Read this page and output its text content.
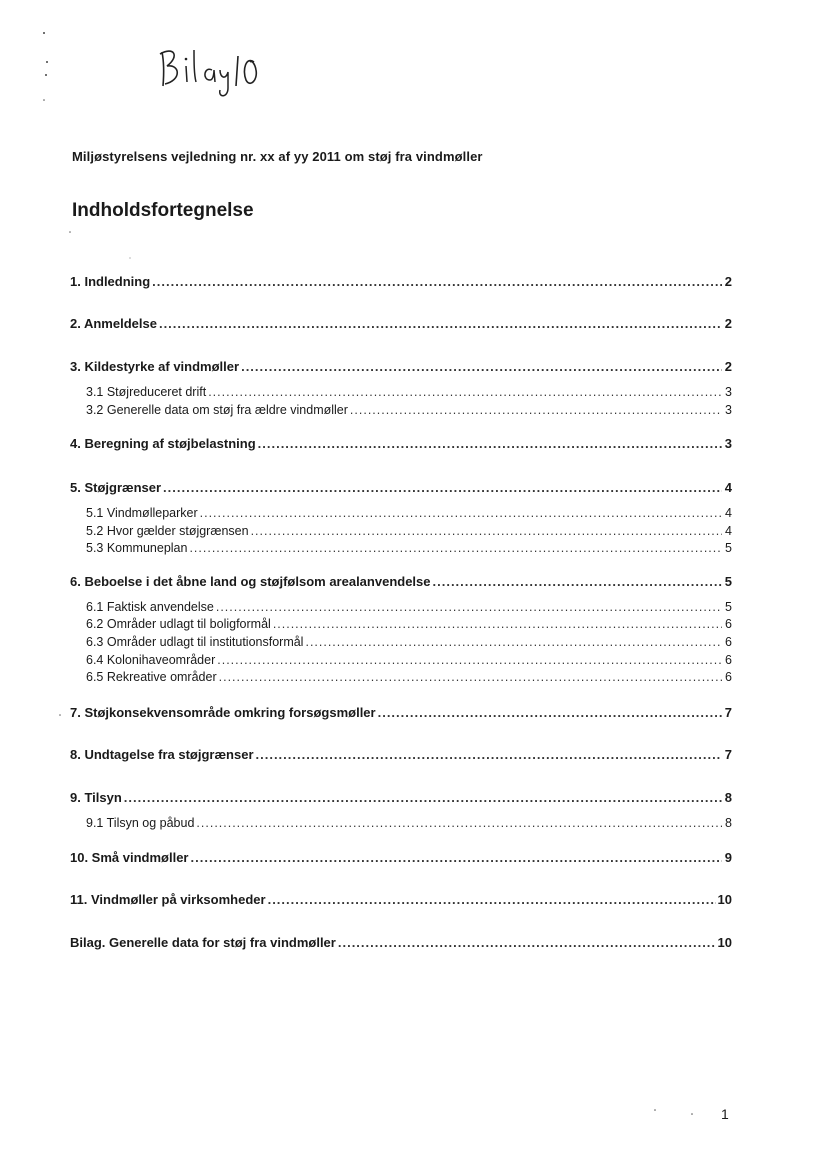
Miljøstyrelsens vejledning nr. xx af yy 2011 om støj fra vindmøller
Indholdsfortegnelse
1. Indledning .....	2
2. Anmeldelse .....	2
3. Kildestyrke af vindmøller .....	2
3.1 Støjreduceret drift .....	3
3.2 Generelle data om støj fra ældre vindmøller .....	3
4. Beregning af støjbelastning .....	3
5. Støjgrænser .....	4
5.1 Vindmølleparker .....	4
5.2 Hvor gælder støjgrænsen .....	4
5.3 Kommuneplan .....	5
6. Beboelse i det åbne land og støjfølsom arealanvendelse .....	5
6.1 Faktisk anvendelse .....	5
6.2 Områder udlagt til boligformål .....	6
6.3 Områder udlagt til institutionsformål .....	6
6.4 Kolonihaveområder .....	6
6.5 Rekreative områder .....	6
7. Støjkonsekvensområde omkring forsøgsmøller .....	7
8. Undtagelse fra støjgrænser .....	7
9. Tilsyn .....	8
9.1 Tilsyn og påbud .....	8
10. Små vindmøller .....	9
11. Vindmøller på virksomheder .....	10
Bilag. Generelle data for støj fra vindmøller .....	10
1
